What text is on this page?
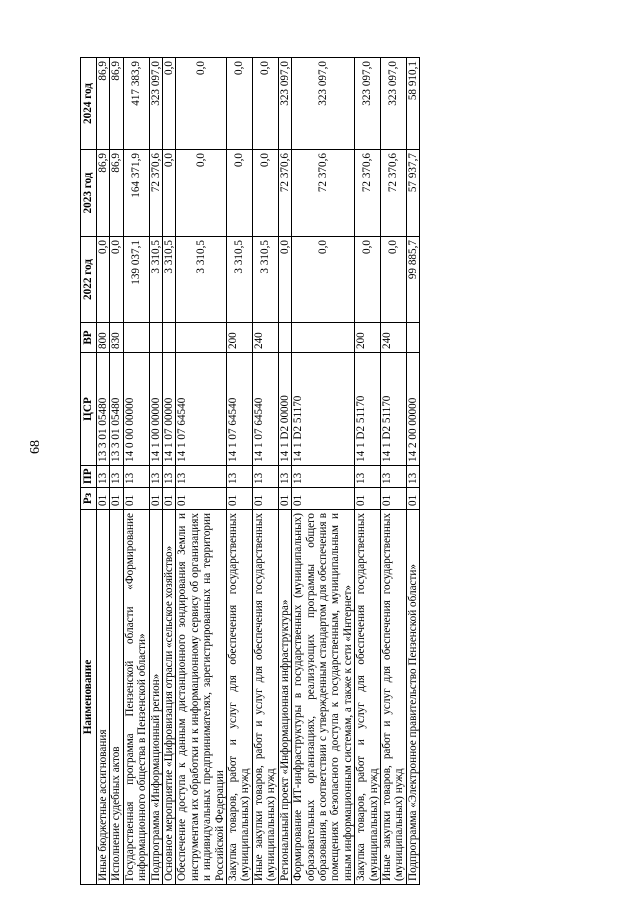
68
Наименование	Рз	ПР	ЦСР	ВР	2022 год	2023 год	2024 год
Иные бюджетные ассигнования	01	13	13 3 01 05480	800	0,0	86,9	86,9
Исполнение судебных актов	01	13	13 3 01 05480	830	0,0	86,9	86,9
Государственная программа Пензенской области «Формирование информационного общества в Пензенской области»	01	13	14 0 00 00000		139 037,1	164 371,9	417 383,9
Подпрограмма «Информационный регион»	01	13	14 1 00 00000		3 310,5	72 370,6	323 097,0
Основное мероприятие «Цифровизация отрасли «сельское хозяйство»	01	13	14 1 07 00000		3 310,5	0,0	0,0
Обеспечение доступа к данным дистанционного зондирования Земли и инструментам их обработки и к информационному сервису об организациях и индивидуальных предпринимателях, зарегистрированных на территории Российской Федерации	01	13	14 1 07 64540		3 310,5	0,0	0,0
Закупка товаров, работ и услуг для обеспечения государственных (муниципальных) нужд	01	13	14 1 07 64540	200	3 310,5	0,0	0,0
Иные закупки товаров, работ и услуг для обеспечения государственных (муниципальных) нужд	01	13	14 1 07 64540	240	3 310,5	0,0	0,0
Региональный проект «Информационная инфраструктура»	01	13	14 1 D2 00000		0,0	72 370,6	323 097,0
Формирование ИТ-инфраструктуры в государственных (муниципальных) образовательных организациях, реализующих программы общего образования, в соответствии с утвержденным стандартом для обеспечения в помещениях безопасного доступа к государственным, муниципальным и иным информационным системам, а также к сети «Интернет»	01	13	14 1 D2 51170		0,0	72 370,6	323 097,0
Закупка товаров, работ и услуг для обеспечения государственных (муниципальных) нужд	01	13	14 1 D2 51170	200	0,0	72 370,6	323 097,0
Иные закупки товаров, работ и услуг для обеспечения государственных (муниципальных) нужд	01	13	14 1 D2 51170	240	0,0	72 370,6	323 097,0
Подпрограмма «Электронное правительство Пензенской области»	01	13	14 2 00 00000		99 885,7	57 937,7	58 910,1
